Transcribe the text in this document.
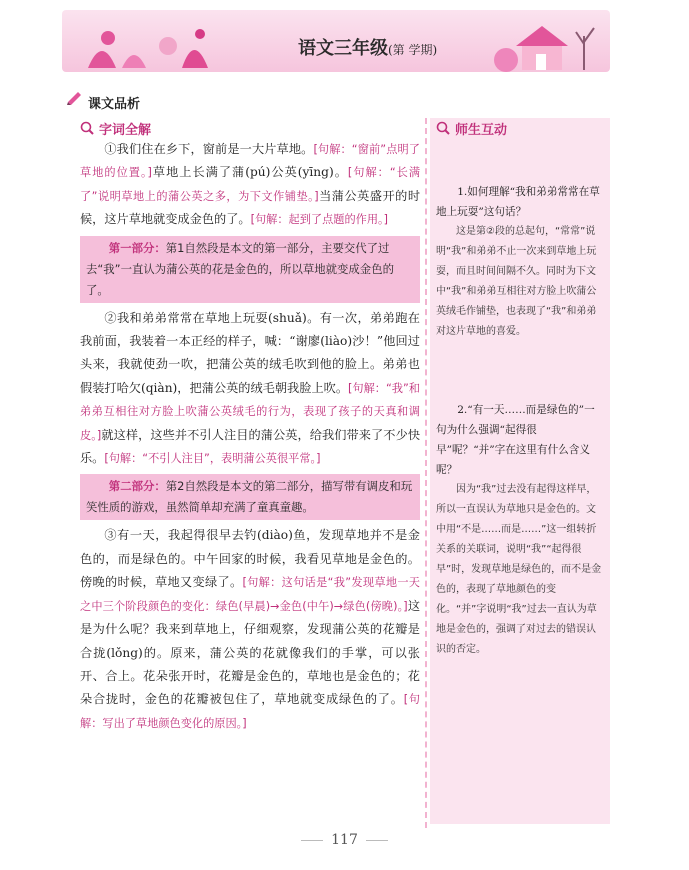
语文三年级(第 学期)
课文品析
字词全解

①我们住在乡下，窗前是一大片草地。[句解：“窗前”点明了草地的位置。]草地上长满了蒲(pú)公英(yīng)。[句解：“长满了”说明草地上的蒲公英之多，为下文作铺垫。]当蒲公英盛开的时候，这片草地就变成金色的了。[句解：起到了点题的作用。]

第一部分：第1自然段是本文的第一部分，主要交代了过去“我”一直认为蒲公英的花是金色的，所以草地就变成金色的了。

②我和弟弟常常在草地上玩耍(shuǎ)。有一次，弟弟跑在我前面，我装着一本正经的样子，喊：“谢廖(liào)沙！”他回过头来，我就使劲一吹，把蒲公英的绒毛吹到他的脸上。弟弟也假装打哈欠(qiàn)，把蒲公英的绒毛朝我脸上吹。[句解：“我”和弟弟互相往对方脸上吹蒲公英绒毛的行为，表现了孩子的天真和调皮。]就这样，这些并不引人注目的蒲公英，给我们带来了不少快乐。[句解：“不引人注目”，表明蒲公英很平常。]

第二部分：第2自然段是本文的第二部分，描写带有调皮和玩笑性质的游戏，虽然简单却充满了童真童趣。

③有一天，我起得很早去钓(diào)鱼，发现草地并不是金色的，而是绿色的。中午回家的时候，我看见草地是金色的。傍晚的时候，草地又变绿了。[句解：这句话是“我”发现草地一天之中三个阶段颜色的变化：绿色(早晨)→金色(中午)→绿色(傍晚)。]这是为什么呢？我来到草地上，仔细观察，发现蒲公英的花瓣是合拢(lǒng)的。原来，蒲公英的花就像我们的手掌，可以张开、合上。花朵张开时，花瓣是金色的，草地也是金色的；花朵合拢时，金色的花瓣被包住了，草地就变成绿色的了。[句解：写出了草地颜色变化的原因。]

师生互动
1.如何理解“我和弟弟常常在草地上玩耍”这句话？
这是第②段的总起句，“常常”说明“我”和弟弟不止一次来到草地上玩耍，而且时间间隔不久。同时为下文中“我”和弟弟互相往对方脸上吹蒲公英绒毛作铺垫，也表现了“我”和弟弟对这片草地的喜爱。
2.“有一天……而是绿色的”一句为什么强调“起得很早”呢？“并”字在这里有什么含义呢？
因为“我”过去没有起得这样早，所以一直误认为草地只是金色的。文中用“不是……而是……”这一组转折关系的关联词，说明“我”“起得很早”时，发现草地是绿色的，而不是金色的，表现了草地颜色的变化。“并”字说明“我”过去一直认为草地是金色的，强调了对过去的错误认识的否定。
117
